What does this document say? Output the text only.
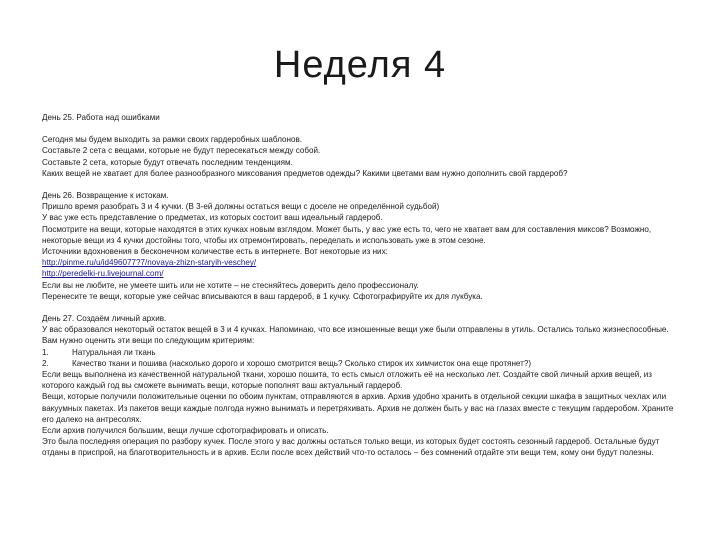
Неделя 4

День 25. Работа над ошибками

Сегодня мы будем выходить за рамки своих гардеробных шаблонов.

Составьте 2 сета с вещами, которые не будут пересекаться между собой.

Составьте 2 сета, которые будут отвечать последним тенденциям.

Каких вещей не хватает для более разнообразного миксования предметов одежды? Какими цветами вам нужно дополнить свой гардероб?

День 26. Возвращение к истокам.

Пришло время разобрать 3 и 4 кучки. (В 3-ей должны остаться вещи с доселе не определённой судьбой)

У вас уже есть представление о предметах, из которых состоит ваш идеальный гардероб.

Посмотрите на вещи, которые находятся в этих кучках новым взглядом. Может быть, у вас уже есть то, чего не хватает вам для составления миксов? Возможно, некоторые вещи из 4 кучки достойны того, чтобы их отремонтировать, переделать и использовать уже в этом сезоне.

Источники вдохновения в бесконечном количестве есть в интернете. Вот некоторые из них:

http://pinme.ru/u/id496077?7/novaya-zhizn-staryih-veschey/

http://peredelki-ru.livejournal.com/

Если вы не любите, не умеете шить или не хотите – не стесняйтесь доверить дело профессионалу.

Перенесите те вещи, которые уже сейчас вписываются в ваш гардероб, в 1 кучку. Сфотографируйте их для лукбука.

День 27. Создаём личный архив.

У вас образовался некоторый остаток вещей в 3 и 4 кучках. Напоминаю, что все изношенные вещи уже были отправлены в утиль. Остались только жизнеспособные.

Вам нужно оценить эти вещи по следующим критериям:

1.	Натуральная ли ткань

2.	Качество ткани и пошива (насколько дорого и хорошо смотрится вещь? Сколько стирок их химчисток она еще протянет?)

Если вещь выполнена из качественной натуральной ткани, хорошо пошита, то есть смысл отложить её на несколько лет. Создайте свой личный архив вещей, из которого каждый год вы сможете вынимать вещи, которые пополнят ваш актуальный гардероб.

Вещи, которые получили положительные оценки по обоим пунктам, отправляются в архив. Архив удобно хранить в отдельной секции шкафа в защитных чехлах или вакуумных пакетах. Из пакетов вещи каждые полгода нужно вынимать и перетряхивать. Архив не должен быть у вас на глазах вместе с текущим гардеробом. Храните его далеко на антресолях.

Если архив получился большим, вещи лучше сфотографировать и описать.

Это была последняя операция по разбору кучек. После этого у вас должны остаться только вещи, из которых будет состоять сезонный гардероб. Остальные будут отданы в приспрой, на благотворительность и в архив. Если после всех действий что-то осталось – без сомнений отдайте эти вещи тем, кому они будут полезны.
